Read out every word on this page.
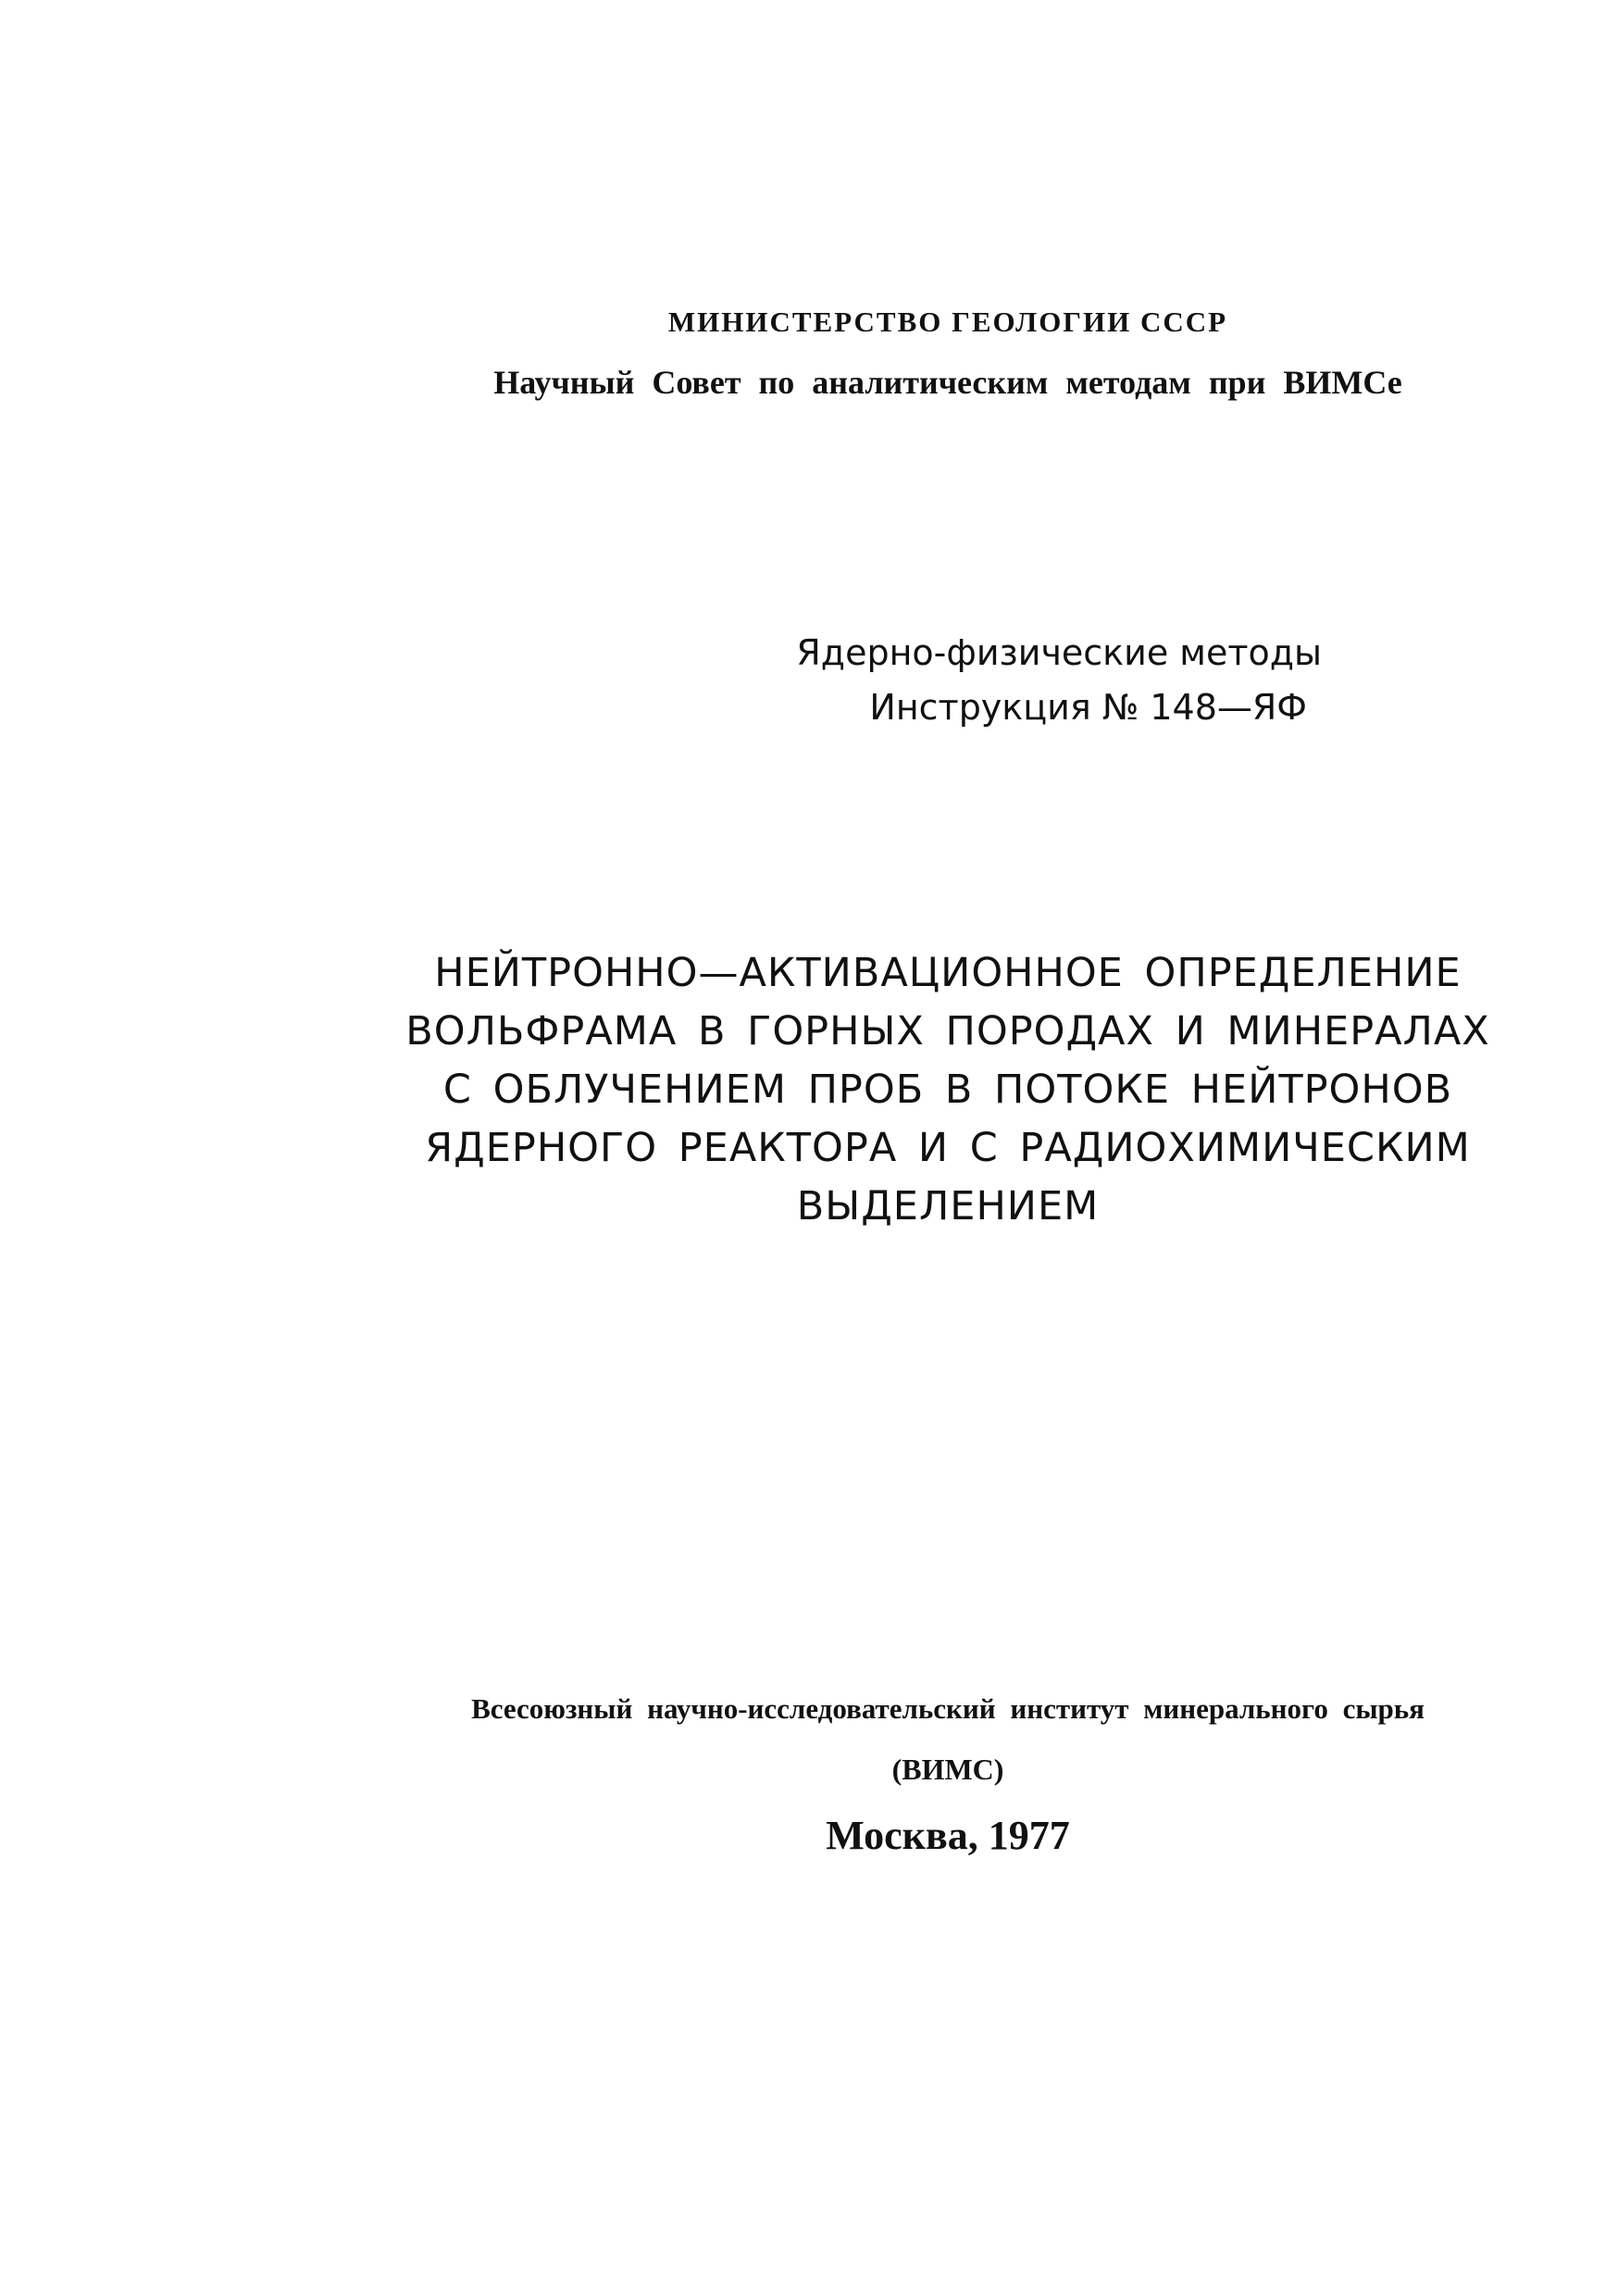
МИНИСТЕРСТВО ГЕОЛОГИИ СССР
Научный Совет по аналитическим методам при ВИМСе
Ядерно-физические методы
Инструкция № 148—ЯФ
НЕЙТРОННО—АКТИВАЦИОННОЕ ОПРЕДЕЛЕНИЕ
ВОЛЬФРАМА В ГОРНЫХ ПОРОДАХ И МИНЕРАЛАХ
С ОБЛУЧЕНИЕМ ПРОБ В ПОТОКЕ НЕЙТРОНОВ
ЯДЕРНОГО РЕАКТОРА И С РАДИОХИМИЧЕСКИМ
ВЫДЕЛЕНИЕМ
Всесоюзный научно-исследовательский институт минерального сырья
(ВИМС)
Москва, 1977
